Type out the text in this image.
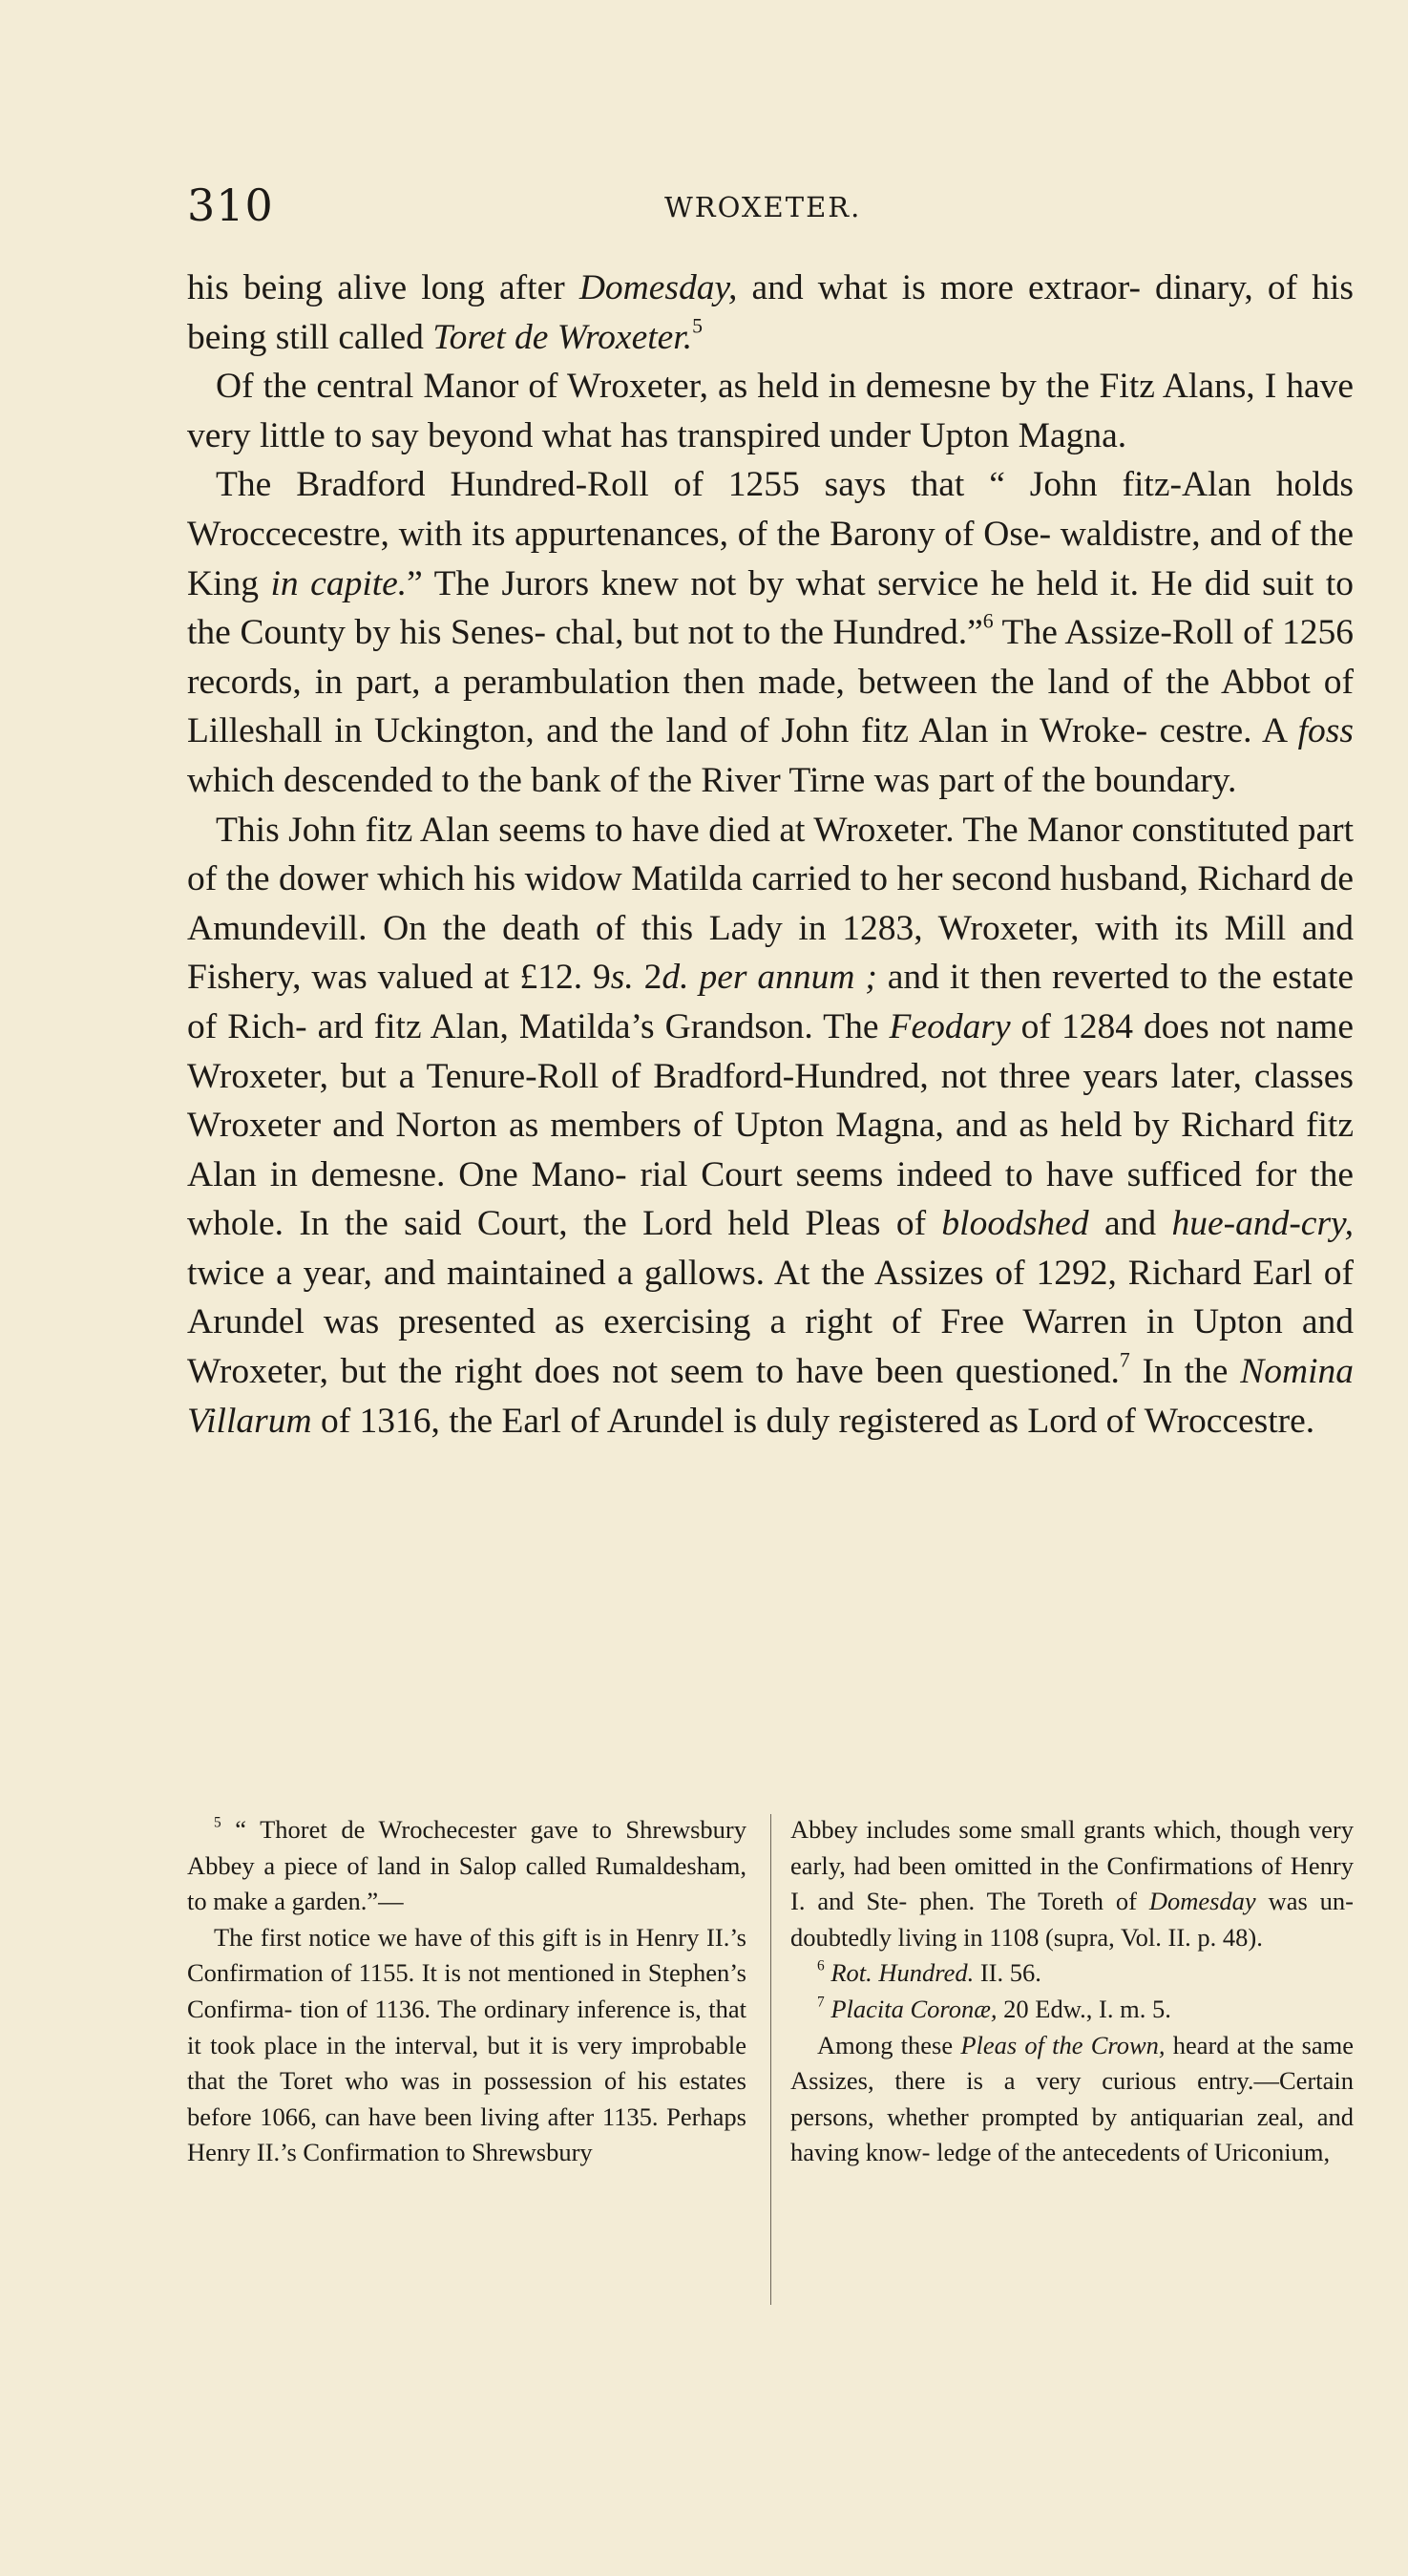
310	WROXETER.

his being alive long after Domesday, and what is more extraor- dinary, of his being still called Toret de Wroxeter.$^5$

Of the central Manor of Wroxeter, as held in demesne by the Fitz Alans, I have very little to say beyond what has transpired under Upton Magna.

The Bradford Hundred-Roll of 1255 says that “ John fitz-Alan holds Wroccecestre, with its appurtenances, of the Barony of Ose- waldistre, and of the King in capite.” The Jurors knew not by what service he held it. He did suit to the County by his Senes- chal, but not to the Hundred.”$^6$ The Assize-Roll of 1256 records, in part, a perambulation then made, between the land of the Abbot of Lilleshall in Uckington, and the land of John fitz Alan in Wroke- cestre. A foss which descended to the bank of the River Tirne was part of the boundary.

This John fitz Alan seems to have died at Wroxeter. The Manor constituted part of the dower which his widow Matilda carried to her second husband, Richard de Amundevill. On the death of this Lady in 1283, Wroxeter, with its Mill and Fishery, was valued at £12. 9s. 2d. per annum ; and it then reverted to the estate of Rich- ard fitz Alan, Matilda’s Grandson. The Feodary of 1284 does not name Wroxeter, but a Tenure-Roll of Bradford-Hundred, not three years later, classes Wroxeter and Norton as members of Upton Magna, and as held by Richard fitz Alan in demesne. One Mano- rial Court seems indeed to have sufficed for the whole. In the said Court, the Lord held Pleas of bloodshed and hue-and-cry, twice a year, and maintained a gallows. At the Assizes of 1292, Richard Earl of Arundel was presented as exercising a right of Free Warren in Upton and Wroxeter, but the right does not seem to have been questioned.$^7$ In the Nomina Villarum of 1316, the Earl of Arundel is duly registered as Lord of Wroccestre.

$^5$ “ Thoret de Wrochecester gave to Shrewsbury Abbey a piece of land in Salop called Rumaldesham, to make a garden.”—

The first notice we have of this gift is in Henry II.’s Confirmation of 1155. It is not mentioned in Stephen’s Confirma- tion of 1136. The ordinary inference is, that it took place in the interval, but it is very improbable that the Toret who was in possession of his estates before 1066, can have been living after 1135. Perhaps Henry II.’s Confirmation to Shrewsbury

Abbey includes some small grants which, though very early, had been omitted in the Confirmations of Henry I. and Ste- phen. The Toreth of Domesday was un- doubtedly living in 1108 (supra, Vol. II. p. 48).

$^6$ Rot. Hundred. II. 56.

$^7$ Placita Coronæ, 20 Edw., I. m. 5.

Among these Pleas of the Crown, heard at the same Assizes, there is a very curious entry.—Certain persons, whether prompted by antiquarian zeal, and having know- ledge of the antecedents of Uriconium,
